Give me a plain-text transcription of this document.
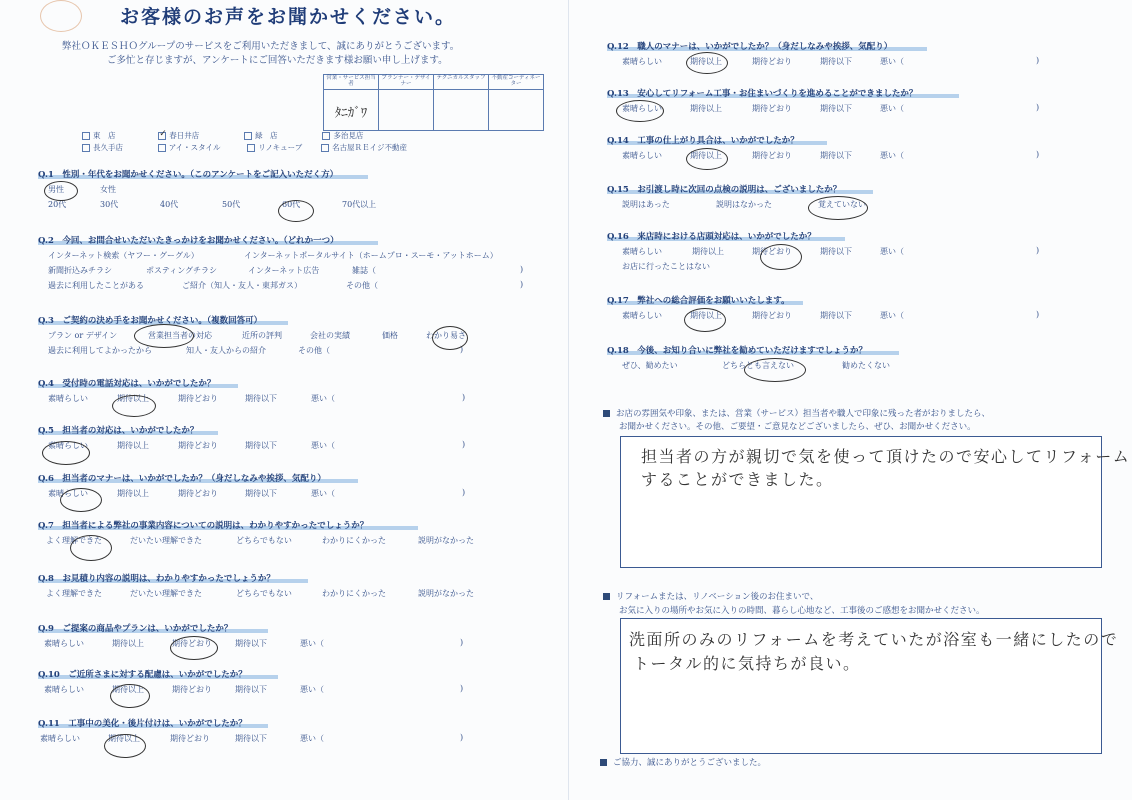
お客様のお声をお聞かせください。
弊社ＯＫＥＳＨＯグループのサービスをご利用いただきまして、誠にありがとうございます。
ご多忙と存じますが、アンケートにご回答いただきます様お願い申し上げます。
営業・サービス担当者	プランナー・デザイナー	テクニカルスタッフ	不動産コーディネーター

ﾀﾆｶﾞﾜ			

東　店	✓ 春日井店	緑　店	多治見店
長久手店	アイ・スタイル	リノキューブ	名古屋ＲＥイジ不動産
Q.1　性別・年代をお聞かせください。（このアンケートをご記入いただく方）
男性	女性
20代	30代	40代	50代	60代	70代以上
Q.2　今回、お問合せいただいたきっかけをお聞かせください。（どれか一つ）
インターネット検索（ヤフー・グーグル）	インターネットポータルサイト（ホームプロ・スーモ・アットホーム）
新聞折込みチラシ	ポスティングチラシ	インターネット広告	雑誌（	)
過去に利用したことがある	ご紹介（知人・友人・東邦ガス）	その他（	)
Q.3　ご契約の決め手をお聞かせください。（複数回答可）
プラン or デザイン	営業担当者の対応	近所の評判	会社の実績	価格	わかり易さ
過去に利用してよかったから	知人・友人からの紹介	その他（	)
Q.4　受付時の電話対応は、いかがでしたか？
素晴らしい	期待以上	期待どおり	期待以下	悪い（	)
Q.5　担当者の対応は、いかがでしたか？
素晴らしい	期待以上	期待どおり	期待以下	悪い（	)
Q.6　担当者のマナーは、いかがでしたか？（身だしなみや挨拶、気配り）
素晴らしい	期待以上	期待どおり	期待以下	悪い（	)
Q.7　担当者による弊社の事業内容についての説明は、わかりやすかったでしょうか？
よく理解できた	だいたい理解できた	どちらでもない	わかりにくかった	説明がなかった
Q.8　お見積り内容の説明は、わかりやすかったでしょうか？
よく理解できた	だいたい理解できた	どちらでもない	わかりにくかった	説明がなかった
Q.9　ご提案の商品やプランは、いかがでしたか？
素晴らしい	期待以上	期待どおり	期待以下	悪い（	)
Q.10　ご近所さまに対する配慮は、いかがでしたか？
素晴らしい	期待以上	期待どおり	期待以下	悪い（	)
Q.11　工事中の美化・後片付けは、いかがでしたか？
素晴らしい	期待以上	期待どおり	期待以下	悪い（	)
Q.12　職人のマナーは、いかがでしたか？（身だしなみや挨拶、気配り）
素晴らしい	期待以上	期待どおり	期待以下	悪い（	)
Q.13　安心してリフォーム工事・お住まいづくりを進めることができましたか？
素晴らしい	期待以上	期待どおり	期待以下	悪い（	)
Q.14　工事の仕上がり具合は、いかがでしたか？
素晴らしい	期待以上	期待どおり	期待以下	悪い（	)
Q.15　お引渡し時に次回の点検の説明は、ございましたか？
説明はあった	説明はなかった	覚えていない
Q.16　来店時における店頭対応は、いかがでしたか？
素晴らしい	期待以上	期待どおり	期待以下	悪い（	)
お店に行ったことはない
Q.17　弊社への総合評価をお願いいたします。
素晴らしい	期待以上	期待どおり	期待以下	悪い（	)
Q.18　今後、お知り合いに弊社を勧めていただけますでしょうか？
ぜひ、勧めたい	どちらとも言えない	勧めたくない
お店の雰囲気や印象、または、営業（サービス）担当者や職人で印象に残った者がおりましたら、
お聞かせください。その他、ご要望・ご意見などございましたら、ぜひ、お聞かせください。
担当者の方が親切で気を使って頂けたので安心してリフォーム
することができました。
リフォームまたは、リノベーション後のお住まいで、
お気に入りの場所やお気に入りの時間、暮らし心地など、工事後のご感想をお聞かせください。
洗面所のみのリフォームを考えていたが浴室も一緒にしたので
トータル的に気持ちが良い。
ご協力、誠にありがとうございました。
